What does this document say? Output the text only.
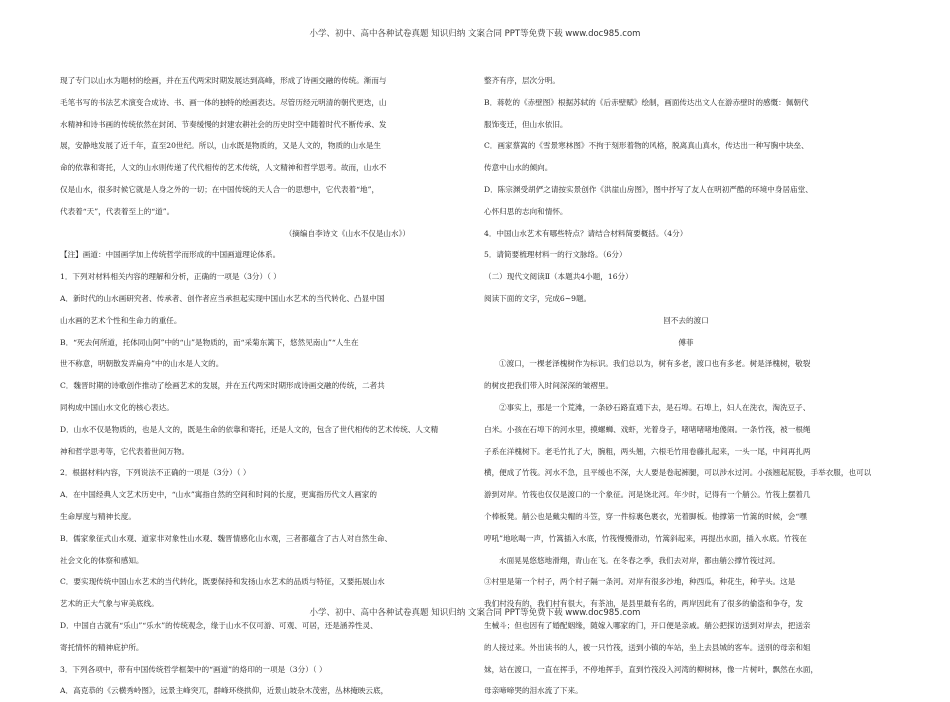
小学、初中、高中各种试卷真题 知识归纳 文案合同 PPT等免费下载 www.doc985.com

现了专门以山水为题材的绘画，并在五代两宋时期发展达到高峰，形成了诗画交融的传统。渐而与

毛笔书写的书法艺术演变合成诗、书、画一体的独特的绘画表达。尽管历经元明清的朝代更迭，山

水精神和诗书画的传统依然在封闭、节奏缓慢的封建农耕社会的历史时空中随着时代不断传承、发

展，安静地发展了近千年，直至20世纪。所以，山水既是物质的，又是人文的，物质的山水是生

命的依靠和寄托，人文的山水则传递了代代相传的艺术传统，人文精神和哲学思考。故而，山水不

仅是山水，很多时候它就是人身之外的一切；在中国传统的天人合一的思想中，它代表着“地”，

代表着“天”，代表着至上的“道”。

（摘编自李诗文《山水不仅是山水》）

【注】画道：中国画学加上传统哲学而形成的中国画道理论体系。

1．下列对材料相关内容的理解和分析，正确的一项是（3分）（ ）

A．新时代的山水画研究者、传承者、创作者应当承担起实现中国山水艺术的当代转化、凸显中国

山水画的艺术个性和生命力的重任。

B．“死去何所道，托体同山阿”中的“山”是物质的，而“采菊东篱下，悠然见南山”“人生在

世不称意，明朝散发弄扁舟”中的山水是人文的。

C．魏晋时期的诗歌创作推动了绘画艺术的发展，并在五代两宋时期形成诗画交融的传统，二者共

同构成中国山水文化的核心表达。

D．山水不仅是物质的，也是人文的，既是生命的依靠和寄托，还是人文的，包含了世代相传的艺术传统、人文精

神和哲学思考等，它代表着世间万物。

2．根据材料内容，下列说法不正确的一项是（3分）（ ）

A．在中国经典人文艺术历史中，“山水”寓指自然的空间和时间的长度，更寓指历代文人画家的

生命厚度与精神长度。

B．儒家象征式山水观、道家非对象性山水观、魏晋情感化山水观，三者都蕴含了古人对自然生命、

社会文化的体察和感知。

C．要实现传统中国山水艺术的当代转化，既要保持和发扬山水艺术的品质与特征，又要拓展山水

艺术的正大气象与审美底线。

D．中国自古就有“乐山”“乐水”的传统观念，缘于山水不仅可游、可观、可居，还是涵养性灵、

寄托情怀的精神庇护所。

3．下列各项中，带有中国传统哲学框架中的“画道”的烙印的一项是（3分）（ ）

A．高克恭的《云横秀岭图》，远景主峰突兀，群峰环绕拱仰，近景山坡杂木茂密，丛林掩映云底，

整齐有序，层次分明。

B．蒋乾的《赤壁图》根据苏轼的《后赤壁赋》绘制，画面传达出文人在游赤壁时的感慨：佩朝代

服饰变迁，但山水依旧。

C．画家蔡嵩的《雪景寒林图》不拘于刻形着物的风格，脱离真山真水，传达出一种写胸中块垒、

传意中山水的倾向。

D．陈宗渊受胡俨之请按实景创作《洪崖山房图》，图中抒写了友人在明初严酷的环境中身居庙堂、

心怀归思的志向和情怀。

4．中国山水艺术有哪些特点？请结合材料简要概括。（4分）

5．请简要梳理材料一的行文脉络。（6分）

（二）现代文阅读Ⅱ（本题共4小题，16分）

阅读下面的文字，完成6~9题。

回不去的渡口

傅菲

①渡口，一棵老泽槐树作为标识。我们总以为，树有多老，渡口也有多老。树是泽槐树，敬裂

的树皮把我们带入时间深深的皱褶里。

②事实上，那是一个荒滩，一条砂石路直通下去，是石埠。石埠上，妇人在洗衣，淘洗豆子、

白米。小孩在石埠下的河水里，摸螺蛳、戏虾，光着身子，啫啫啫啫地傻闹。一条竹筏，被一根绳

子系在洋槐树下。老毛竹扎了大，腕粗，两头翘，六根毛竹用卷藤扎起来，一头一尾，中间再扎两

横，便成了竹筏。河水不急，且平缓也不深，大人要是卷起裤腿，可以涉水过河。小孩翘起屁股，手举衣服，也可以

游到对岸。竹筏也仅仅是渡口的一个象征。河是饶北河。年少时，记得有一个艄公。竹筏上摆着几

个棒板凳。艄公也是戴尖帽的斗笠，穿一件棕裏色裹衣，光着脚板。他撑第一竹篙的时候，会“嘿

哼吼”地吆喝一声，竹篙插入水底，竹筏慢慢滑动，竹篙斜起来，再提出水面，插入水底。竹筏在

水面晃晃悠悠地滑翔，青山在飞。在冬春之季，我们去对岸，都由艄公撑竹筏过河。

③村里是第一个村子，两个村子隔一条河。对岸有很多沙地，种西瓜，种花生，种芋头。这是

我们村没有的，我们村有很大，有茶油，是县里最有名的，两岸因此有了很多的偷盗和争夺，发

生械斗；但也因有了婚配姻缘，随嫁入哪家的门，开口便是亲戚。艄公把探访送到对岸去，把送亲

的人接过来。外出读书的人，被一只竹筏，送到小镇的车站，坐上去县城的客车。送别的母亲和姐

妹，站在渡口，一直在挥手，不停地挥手，直到竹筏没入河湾的柳树林，像一片树叶，飘然在水面，

母亲啼啼哭的泪水流了下来。

小学、初中、高中各种试卷真题 知识归纳 文案合同 PPT等免费下载 www.doc985.com
